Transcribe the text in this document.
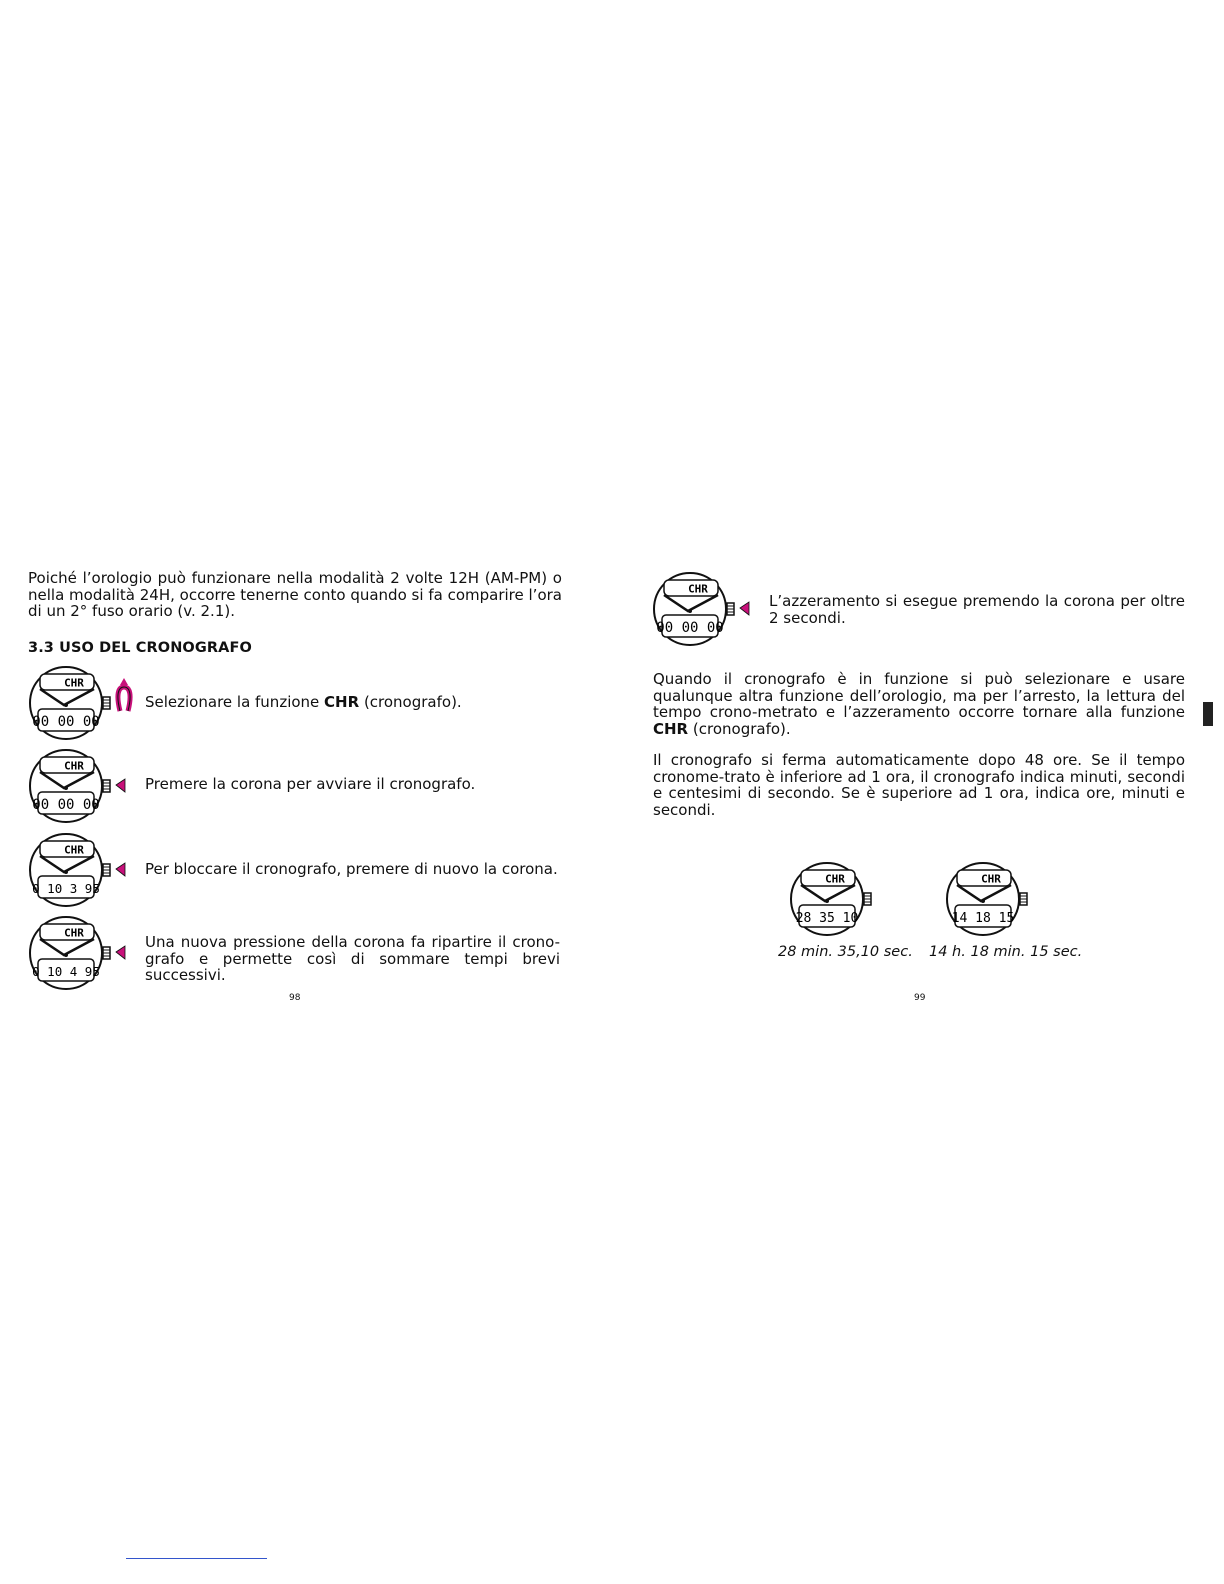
Poiché l’orologio può funzionare nella modalità 2 volte 12H (AM-PM) o nella modalità 24H, occorre tenerne conto quando si fa comparire l’ora di un 2° fuso orario (v. 2.1).

3.3 USO DEL CRONOGRAFO
CHR
00 00 00
Selezionare la funzione CHR (cronografo).
CHR
00 00 00
Premere la corona per avviare il cronografo.
CHR
0 10 3 95
Per bloccare il cronografo, premere di nuovo la corona.
CHR
0 10 4 95
Una nuova pressione della corona fa ripartire il crono-grafo e permette così di sommare tempi brevi successivi.
98
CHR
00 00 00

L’azzeramento si esegue premendo la corona per oltre 2 secondi.

Quando il cronografo è in funzione si può selezionare e usare qualunque altra funzione dell’orologio, ma per l’arresto, la lettura del tempo crono-metrato e l’azzeramento occorre tornare alla funzione CHR (cronografo).

Il cronografo si ferma automaticamente dopo 48 ore. Se il tempo cronome-trato è inferiore ad 1 ora, il cronografo indica minuti, secondi e centesimi di secondo. Se è superiore ad 1 ora, indica ore, minuti e secondi.

CHR
28 35 10
28 min. 35,10 sec.
CHR
14 18 15
14 h. 18 min. 15 sec.
99
